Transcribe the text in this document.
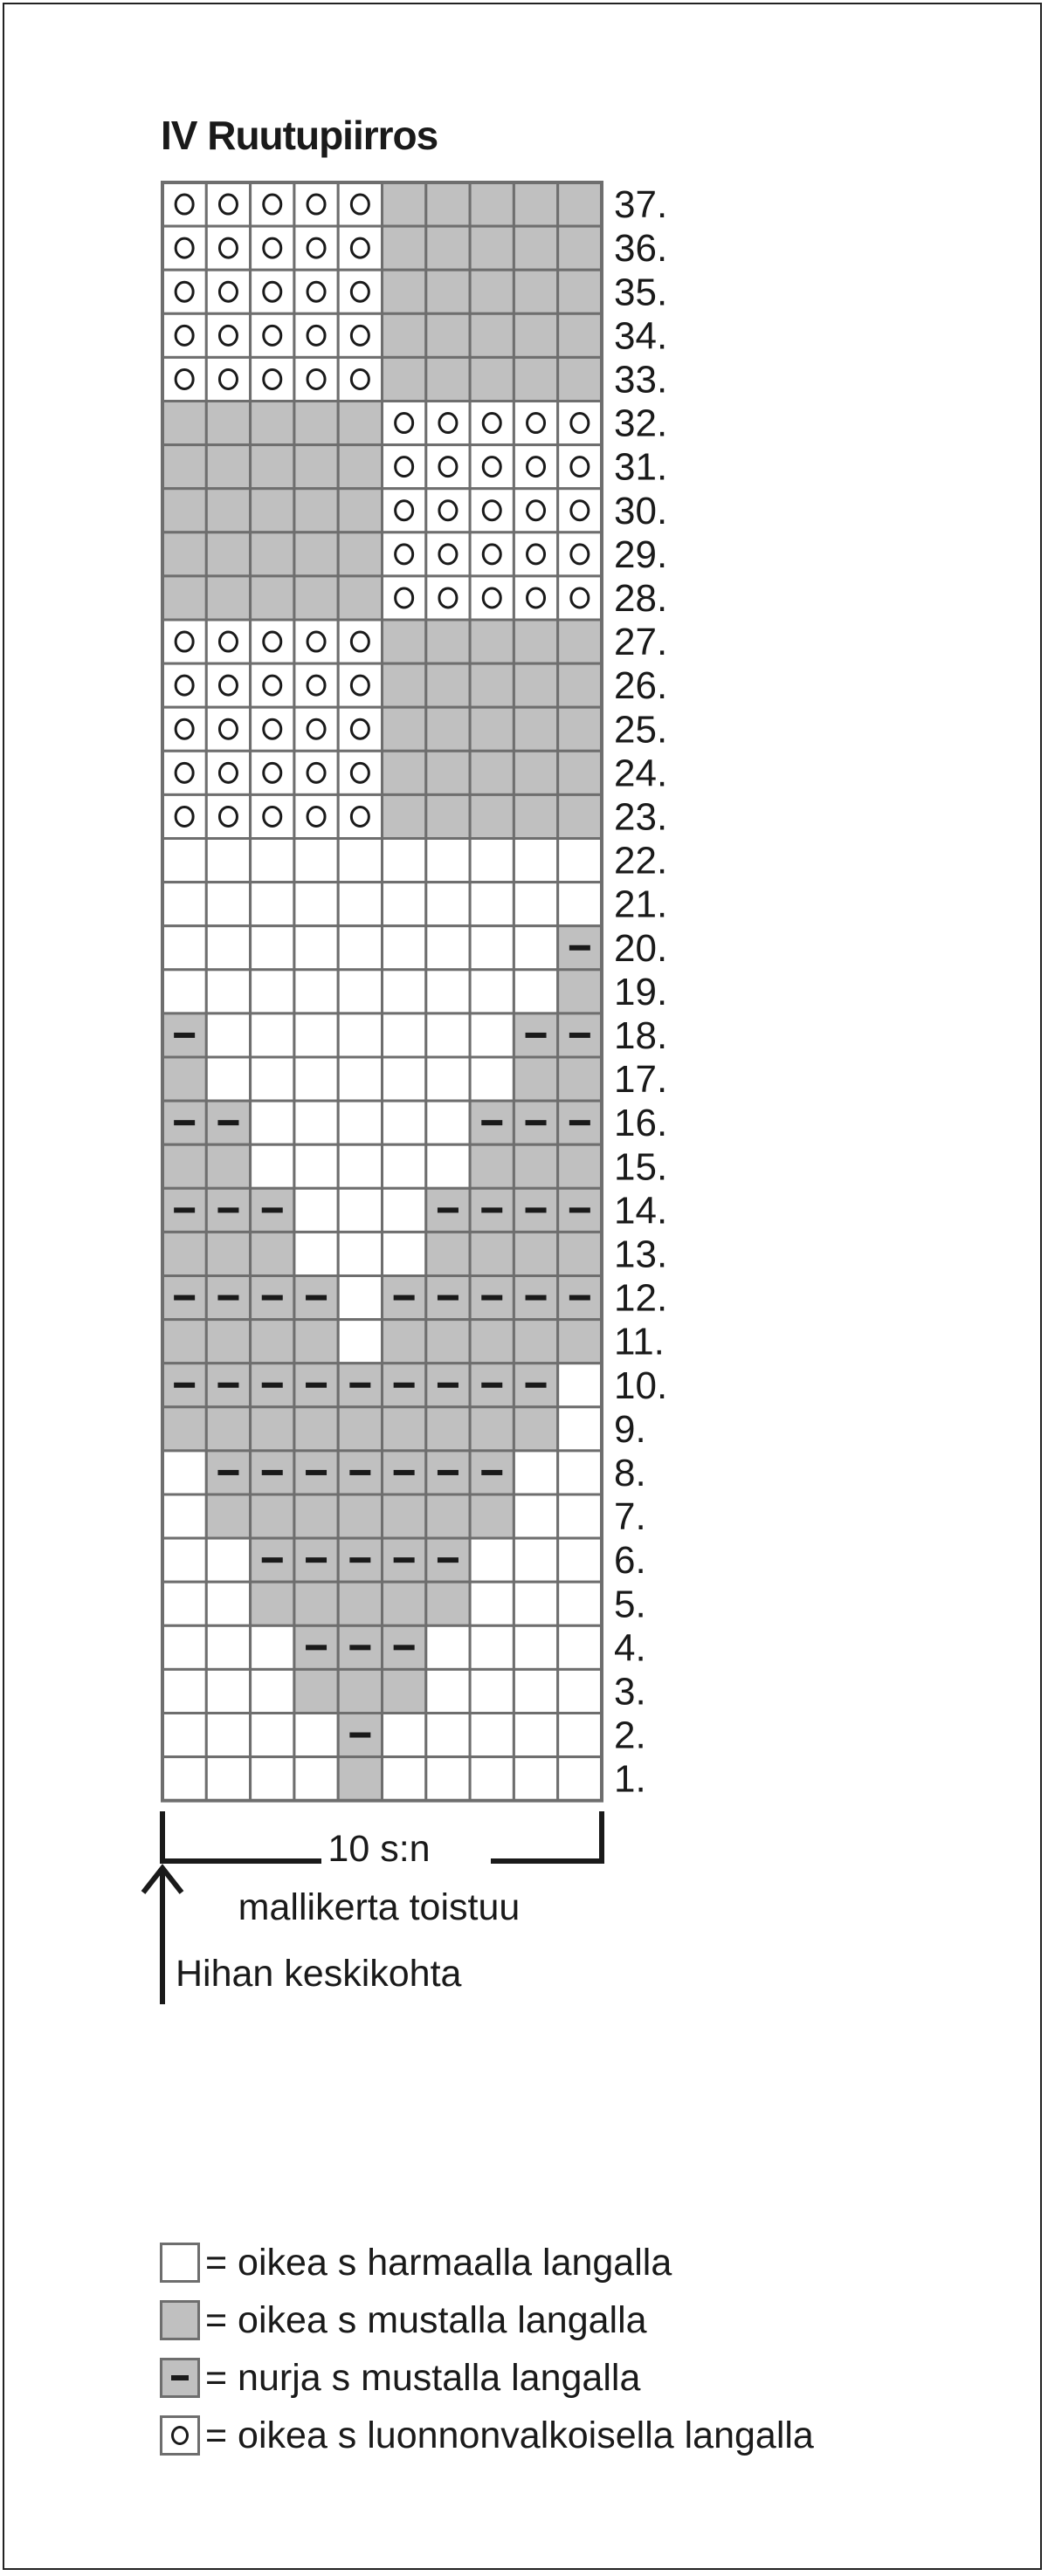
IV Ruutupiirros
37.
36.
35.
34.
33.
32.
31.
30.
29.
28.
27.
26.
25.
24.
23.
22.
21.
20.
19.
18.
17.
16.
15.
14.
13.
12.
11.
10.
9.
8.
7.
6.
5.
4.
3.
2.
1.
10 s:n
mallikerta toistuu
Hihan keskikohta
= oikea s harmaalla langalla
= oikea s mustalla langalla
= nurja s mustalla langalla
= oikea s luonnonvalkoisella langalla
